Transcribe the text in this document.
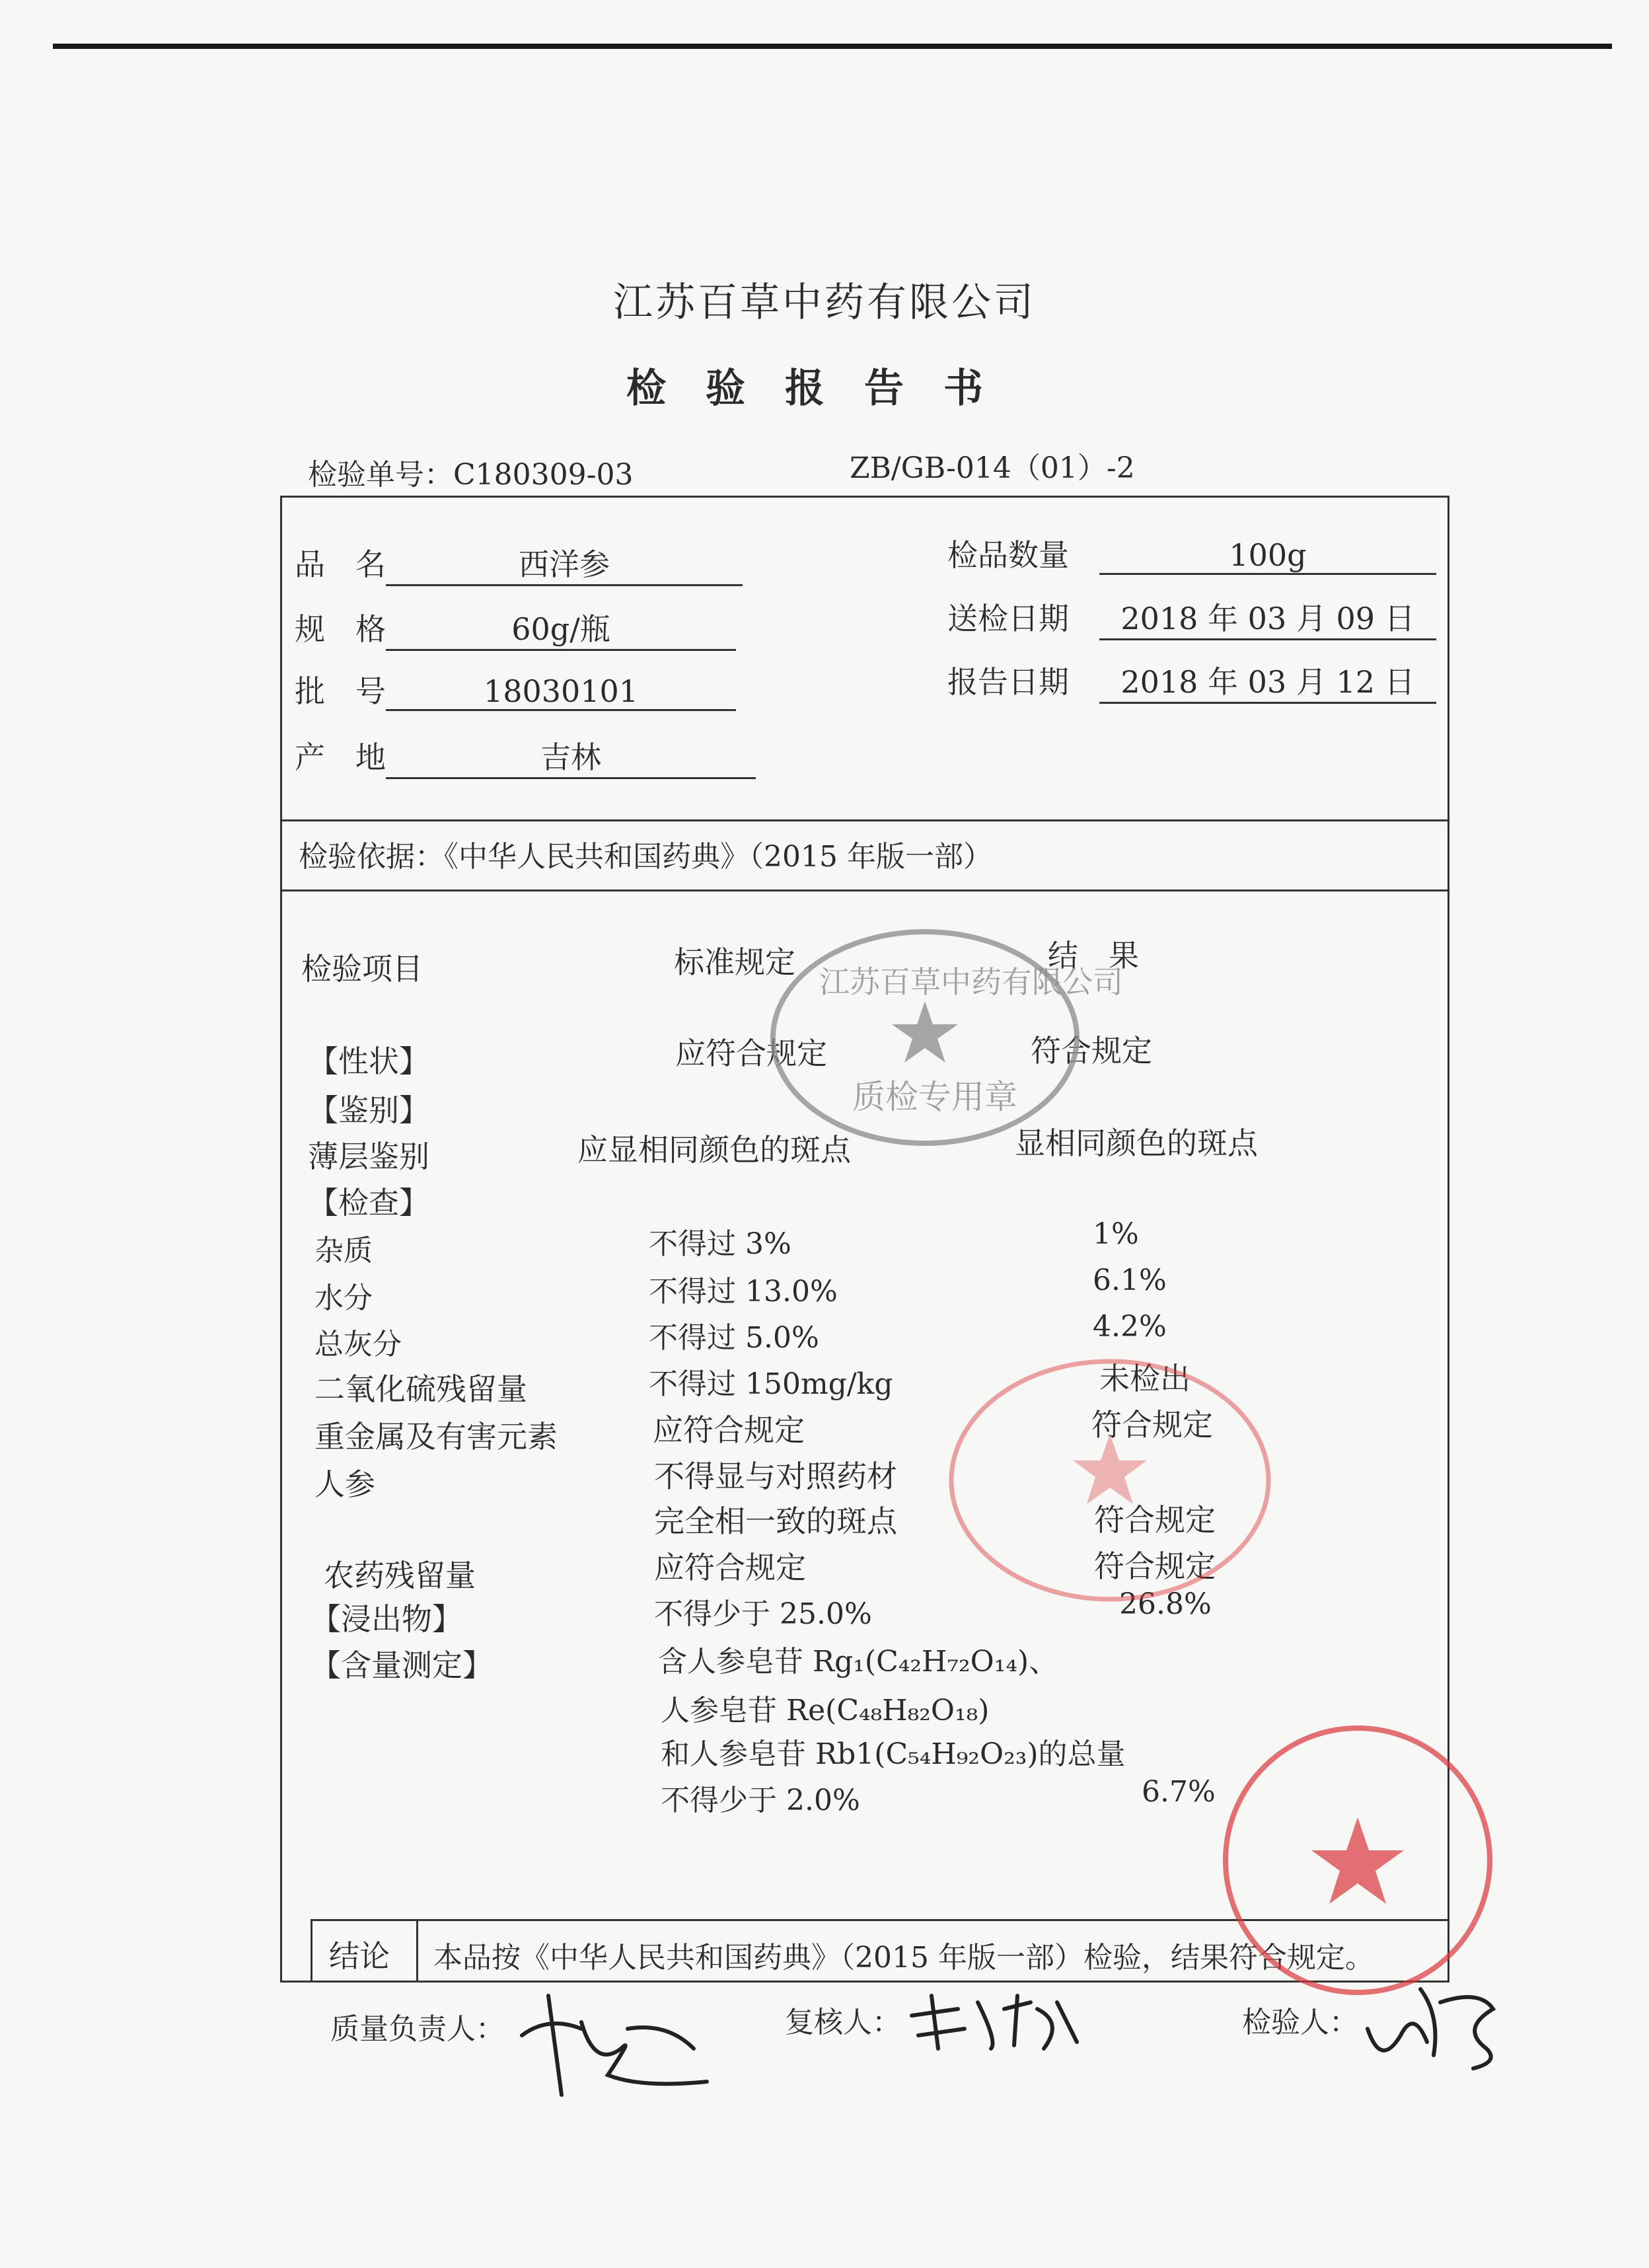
江苏百草中药有限公司
检验报告书
检验单号：C180309-03	ZB/GB-014（01）-2
品　名	西洋参
规　格	60g/瓶
批　号	18030101
产　地	吉林
检品数量　	100g
送检日期　 2018 年 03 月 09 日
报告日期　 2018 年 03 月 12 日
检验依据：《中华人民共和国药典》（2015 年版一部）
检验项目	标准规定	结　果
【性状】	应符合规定	符合规定
【鉴别】
薄层鉴别	应显相同颜色的斑点	显相同颜色的斑点
【检查】
杂质	不得过 3%	1%
水分	不得过 13.0%	6.1%
总灰分	不得过 5.0%	4.2%
二氧化硫残留量	不得过 150mg/kg	未检出
重金属及有害元素	应符合规定	符合规定
人参	不得显与对照药材
完全相一致的斑点	符合规定
农药残留量	应符合规定	符合规定
【浸出物】	不得少于 25.0%	26.8%
【含量测定】	含人参皂苷 Rg₁(C₄₂H₇₂O₁₄)、
人参皂苷 Re(C₄₈H₈₂O₁₈)
和人参皂苷 Rb1(C₅₄H₉₂O₂₃)的总量
不得少于 2.0%	6.7%
结论 本品按《中华人民共和国药典》（2015 年版一部）检验，结果符合规定。
质量负责人：	复核人：	检验人：
江苏百草中药有限公司
质检专用章
